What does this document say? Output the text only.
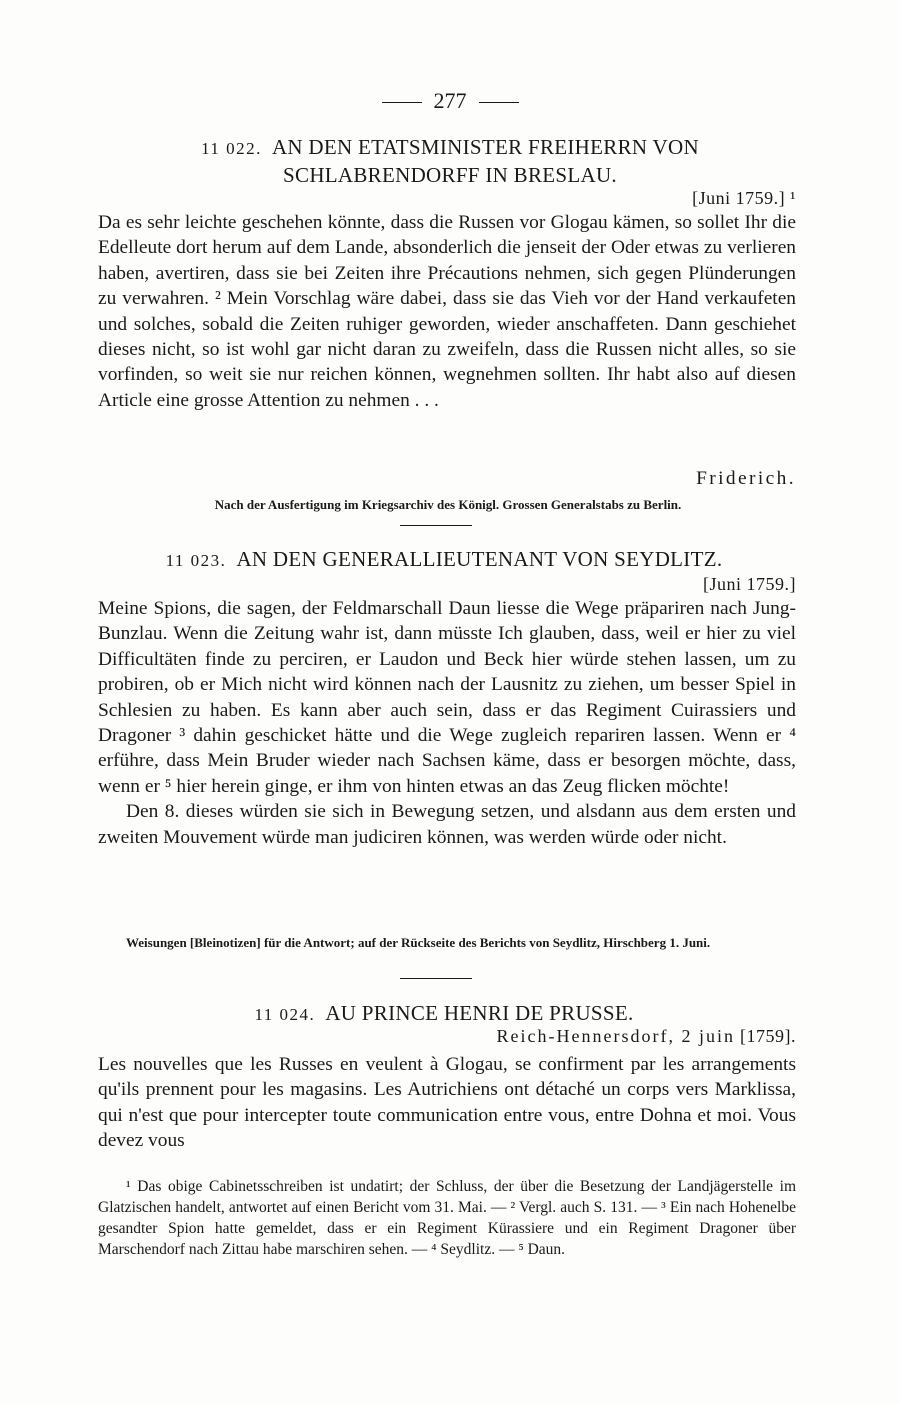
277
11 022. AN DEN ETATSMINISTER FREIHERRN VON
SCHLABRENDORFF IN BRESLAU.
[Juni 1759.] ¹

Da es sehr leichte geschehen könnte, dass die Russen vor Glogau kämen, so sollet Ihr die Edelleute dort herum auf dem Lande, absonderlich die jenseit der Oder etwas zu verlieren haben, avertiren, dass sie bei Zeiten ihre Précautions nehmen, sich gegen Plünderungen zu verwahren. ² Mein Vorschlag wäre dabei, dass sie das Vieh vor der Hand verkaufeten und solches, sobald die Zeiten ruhiger geworden, wieder anschaffeten. Dann geschiehet dieses nicht, so ist wohl gar nicht daran zu zweifeln, dass die Russen nicht alles, so sie vorfinden, so weit sie nur reichen können, wegnehmen sollten. Ihr habt also auf diesen Article eine grosse Attention zu nehmen . . .

Friderich.
Nach der Ausfertigung im Kriegsarchiv des Königl. Grossen Generalstabs zu Berlin.
11 023. AN DEN GENERALLIEUTENANT VON SEYDLITZ.
[Juni 1759.]

Meine Spions, die sagen, der Feldmarschall Daun liesse die Wege präpariren nach Jung-Bunzlau. Wenn die Zeitung wahr ist, dann müsste Ich glauben, dass, weil er hier zu viel Difficultäten finde zu perciren, er Laudon und Beck hier würde stehen lassen, um zu probiren, ob er Mich nicht wird können nach der Lausnitz zu ziehen, um besser Spiel in Schlesien zu haben. Es kann aber auch sein, dass er das Regiment Cuirassiers und Dragoner ³ dahin geschicket hätte und die Wege zugleich repariren lassen. Wenn er ⁴ erführe, dass Mein Bruder wieder nach Sachsen käme, dass er besorgen möchte, dass, wenn er ⁵ hier herein ginge, er ihm von hinten etwas an das Zeug flicken möchte!

Den 8. dieses würden sie sich in Bewegung setzen, und alsdann aus dem ersten und zweiten Mouvement würde man judiciren können, was werden würde oder nicht.

Weisungen [Bleinotizen] für die Antwort; auf der Rückseite des Berichts von Seydlitz, Hirschberg 1. Juni.
11 024. AU PRINCE HENRI DE PRUSSE.
Reich-Hennersdorf, 2 juin [1759].

Les nouvelles que les Russes en veulent à Glogau, se confirment par les arrangements qu'ils prennent pour les magasins. Les Autrichiens ont détaché un corps vers Marklissa, qui n'est que pour intercepter toute communication entre vous, entre Dohna et moi. Vous devez vous

¹ Das obige Cabinetsschreiben ist undatirt; der Schluss, der über die Besetzung der Landjägerstelle im Glatzischen handelt, antwortet auf einen Bericht vom 31. Mai. — ² Vergl. auch S. 131. — ³ Ein nach Hohenelbe gesandter Spion hatte gemeldet, dass er ein Regiment Kürassiere und ein Regiment Dragoner über Marschendorf nach Zittau habe marschiren sehen. — ⁴ Seydlitz. — ⁵ Daun.
